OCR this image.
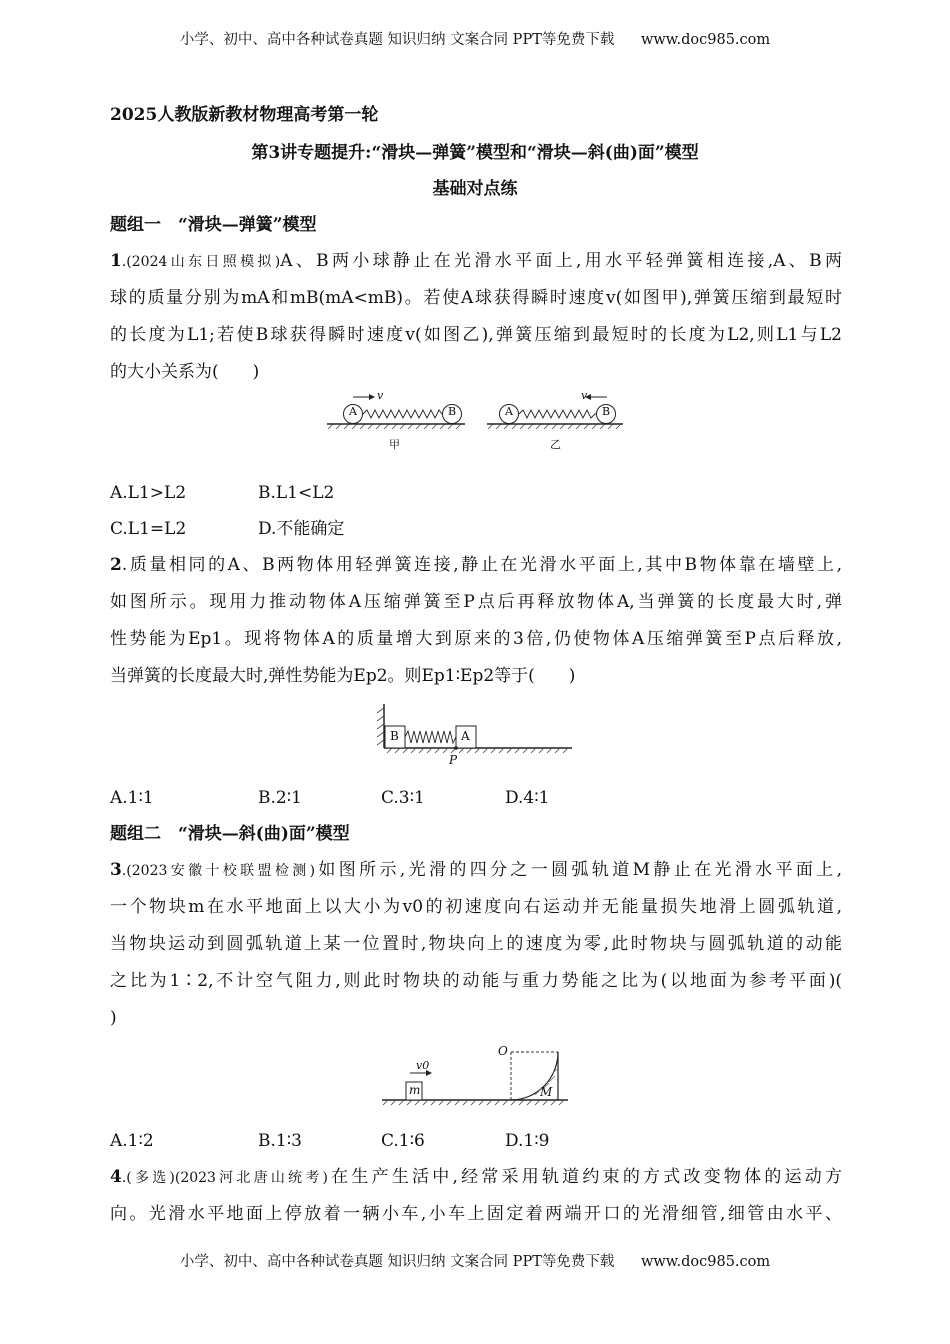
小学、初中、高中各种试卷真题 知识归纳 文案合同 PPT等免费下载 www.doc985.com
2025人教版新教材物理高考第一轮
第3讲专题提升:“滑块—弹簧”模型和“滑块—斜(曲)面”模型
基础对点练
题组一　“滑块—弹簧”模型
1.(2024山东日照模拟)A、B两小球静止在光滑水平面上,用水平轻弹簧相连接,A、B两
球的质量分别为mA和mB(mA<mB)。若使A球获得瞬时速度v(如图甲),弹簧压缩到最短时
的长度为L1;若使B球获得瞬时速度v(如图乙),弹簧压缩到最短时的长度为L2,则L1与L2
的大小关系为(　　)
A	B
v
甲
A	B
v
乙
A.L1>L2	B.L1<L2
C.L1=L2	D.不能确定
2.质量相同的A、B两物体用轻弹簧连接,静止在光滑水平面上,其中B物体靠在墙壁上,
如图所示。现用力推动物体A压缩弹簧至P点后再释放物体A,当弹簧的长度最大时,弹
性势能为Ep1。现将物体A的质量增大到原来的3倍,仍使物体A压缩弹簧至P点后释放,
当弹簧的长度最大时,弹性势能为Ep2。则Ep1∶Ep2等于(　　)
B	A
P
A.1∶1	B.2∶1	C.3∶1	D.4∶1
题组二　“滑块—斜(曲)面”模型
3.(2023安徽十校联盟检测)如图所示,光滑的四分之一圆弧轨道M静止在光滑水平面上,
一个物块m在水平地面上以大小为v0的初速度向右运动并无能量损失地滑上圆弧轨道,
当物块运动到圆弧轨道上某一位置时,物块向上的速度为零,此时物块与圆弧轨道的动能
之比为1∶2,不计空气阻力,则此时物块的动能与重力势能之比为(以地面为参考平面)(
)
m
v0
O
M
A.1∶2	B.1∶3	C.1∶6	D.1∶9
4.(多选)(2023河北唐山统考)在生产生活中,经常采用轨道约束的方式改变物体的运动方
向。光滑水平地面上停放着一辆小车,小车上固定着两端开口的光滑细管,细管由水平、
小学、初中、高中各种试卷真题 知识归纳 文案合同 PPT等免费下载 www.doc985.com
